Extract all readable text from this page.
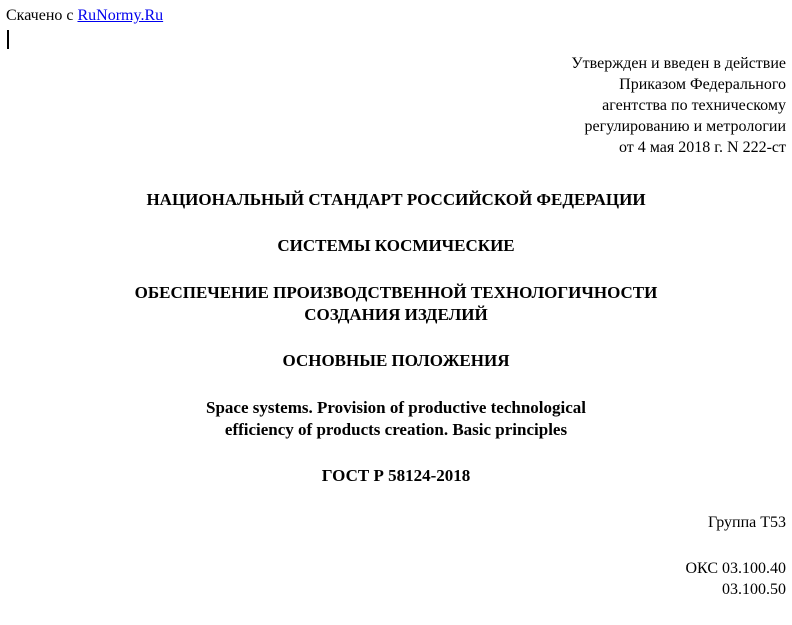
Скачено с RuNormy.Ru
Утвержден и введен в действие
Приказом Федерального
агентства по техническому
регулированию и метрологии
от 4 мая 2018 г. N 222-ст
НАЦИОНАЛЬНЫЙ СТАНДАРТ РОССИЙСКОЙ ФЕДЕРАЦИИ
СИСТЕМЫ КОСМИЧЕСКИЕ
ОБЕСПЕЧЕНИЕ ПРОИЗВОДСТВЕННОЙ ТЕХНОЛОГИЧНОСТИ
СОЗДАНИЯ ИЗДЕЛИЙ
ОСНОВНЫЕ ПОЛОЖЕНИЯ
Space systems. Provision of productive technological
efficiency of products creation. Basic principles
ГОСТ Р 58124-2018
Группа Т53
ОКС 03.100.40
03.100.50
